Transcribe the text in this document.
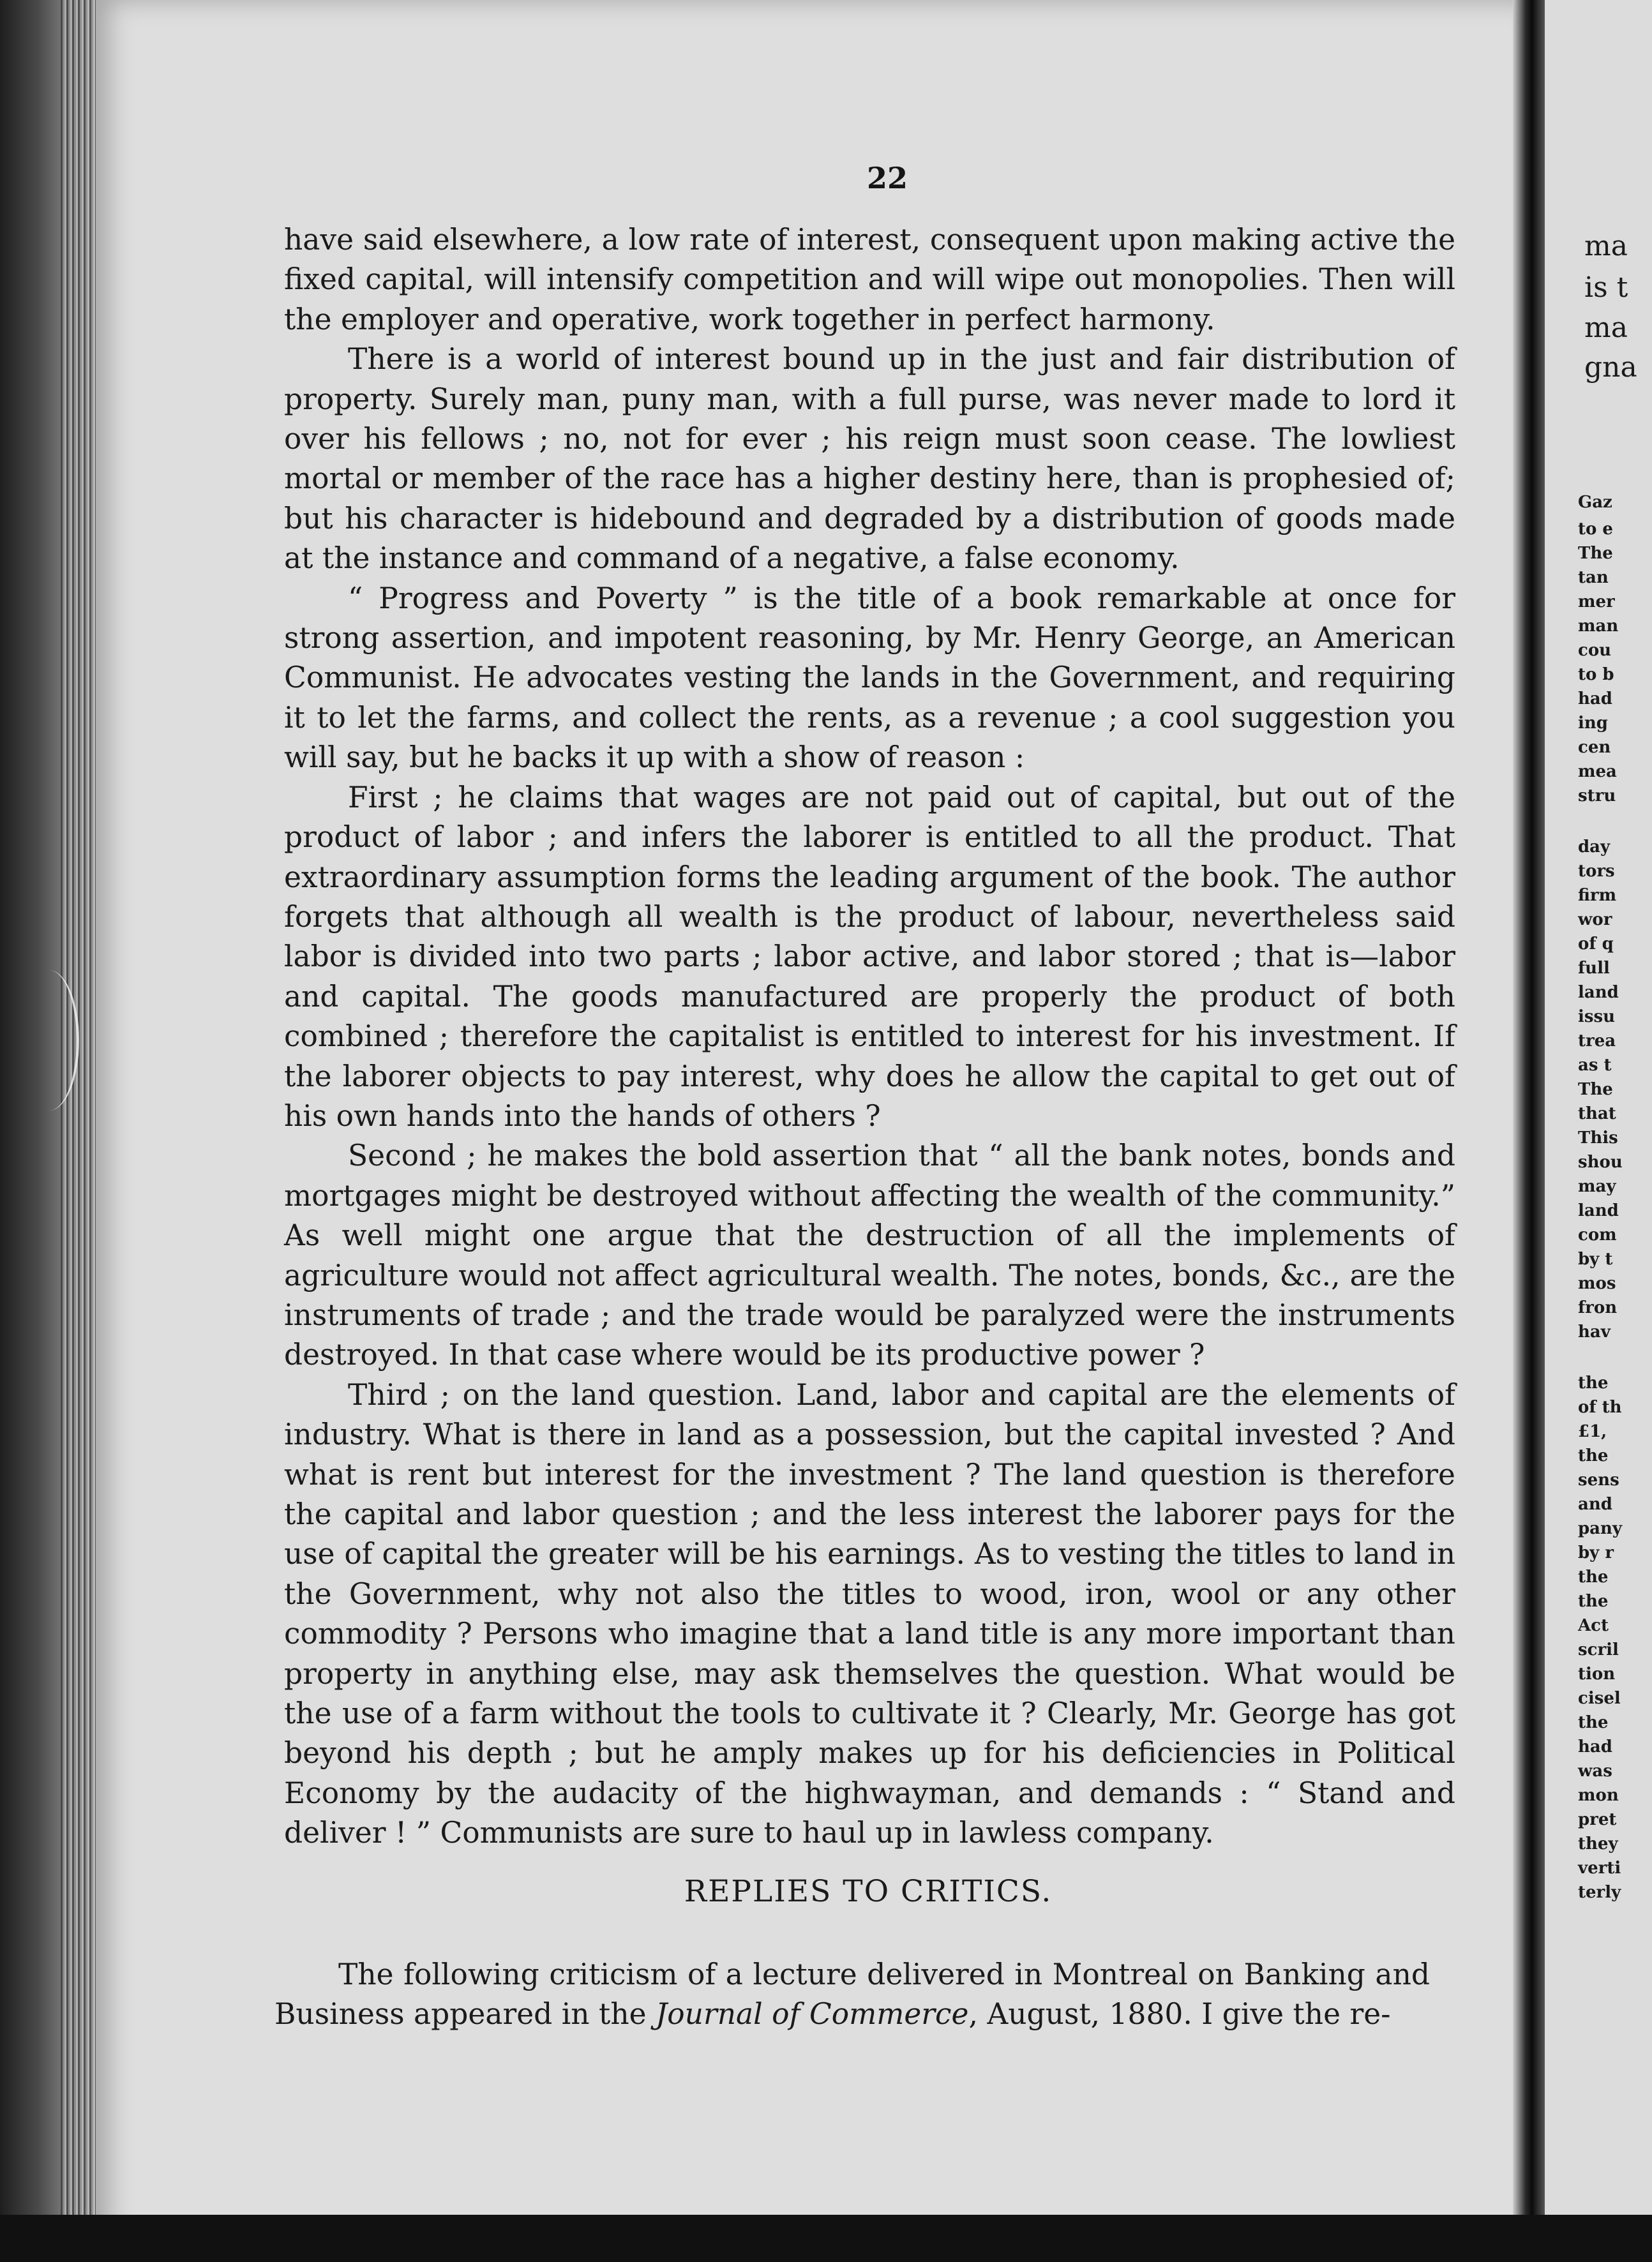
22

have said elsewhere, a low rate of interest, consequent upon making active the fixed capital, will intensify competition and will wipe out monopolies. Then will the employer and operative, work together in perfect harmony.

There is a world of interest bound up in the just and fair distribution of property. Surely man, puny man, with a full purse, was never made to lord it over his fellows ; no, not for ever ; his reign must soon cease. The lowliest mortal or member of the race has a higher destiny here, than is prophesied of; but his character is hidebound and degraded by a distribution of goods made at the instance and command of a negative, a false economy.

“ Progress and Poverty ” is the title of a book remarkable at once for strong assertion, and impotent reasoning, by Mr. Henry George, an American Communist. He advocates vesting the lands in the Government, and requiring it to let the farms, and collect the rents, as a revenue ; a cool suggestion you will say, but he backs it up with a show of reason :

First ; he claims that wages are not paid out of capital, but out of the product of labor ; and infers the laborer is entitled to all the product. That extraordinary assumption forms the leading argument of the book. The author forgets that although all wealth is the product of labour, nevertheless said labor is divided into two parts ; labor active, and labor stored ; that is—labor and capital. The goods manufactured are properly the product of both combined ; therefore the capitalist is entitled to interest for his investment. If the laborer objects to pay interest, why does he allow the capital to get out of his own hands into the hands of others ?

Second ; he makes the bold assertion that “ all the bank notes, bonds and mortgages might be destroyed without affecting the wealth of the community.” As well might one argue that the destruction of all the implements of agriculture would not affect agricultural wealth. The notes, bonds, &c., are the instruments of trade ; and the trade would be paralyzed were the instruments destroyed. In that case where would be its productive power ?

Third ; on the land question. Land, labor and capital are the elements of industry. What is there in land as a possession, but the capital invested ? And what is rent but interest for the investment ? The land question is therefore the capital and labor question ; and the less interest the laborer pays for the use of capital the greater will be his earnings. As to vesting the titles to land in the Government, why not also the titles to wood, iron, wool or any other commodity ? Persons who imagine that a land title is any more important than property in anything else, may ask themselves the question. What would be the use of a farm without the tools to cultivate it ? Clearly, Mr. George has got beyond his depth ; but he amply makes up for his deficiencies in Political Economy by the audacity of the highwayman, and demands : “ Stand and deliver ! ” Communists are sure to haul up in lawless company.

REPLIES TO CRITICS.

The following criticism of a lecture delivered in Montreal on Banking and Business appeared in the Journal of Commerce, August, 1880. I give the re-

ma
is t
ma
gna
Gaz
to e
The
tan
mer
man
cou
to b
had
ing
cen
mea
stru
day
tors
firm
wor
of q
full
land
issu
trea
as t
The
that
This
shou
may
land
com
by t
mos
fron
hav
the
of th
£1,
the
sens
and
pany
by r
the
the
Act
scril
tion
cisel
the
had
was
mon
pret
they
verti
terly
